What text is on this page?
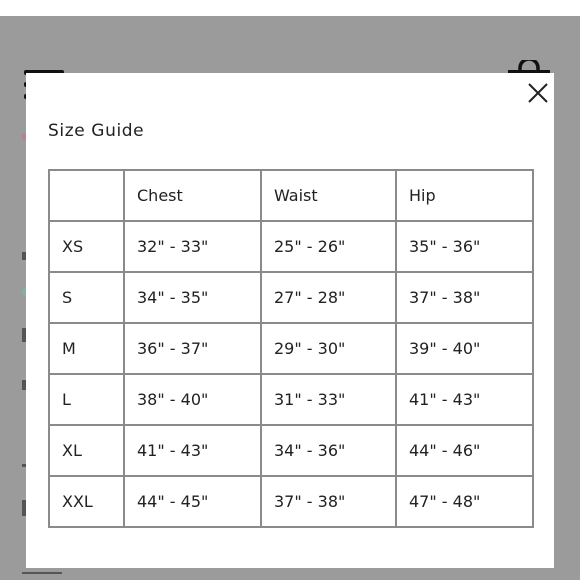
Size Guide
	Chest	Waist	Hip
XS	32" - 33"	25" - 26"	35" - 36"
S	34" - 35"	27" - 28"	37" - 38"
M	36" - 37"	29" - 30"	39" - 40"
L	38" - 40"	31" - 33"	41" - 43"
XL	41" - 43"	34" - 36"	44" - 46"
XXL	44" - 45"	37" - 38"	47" - 48"
